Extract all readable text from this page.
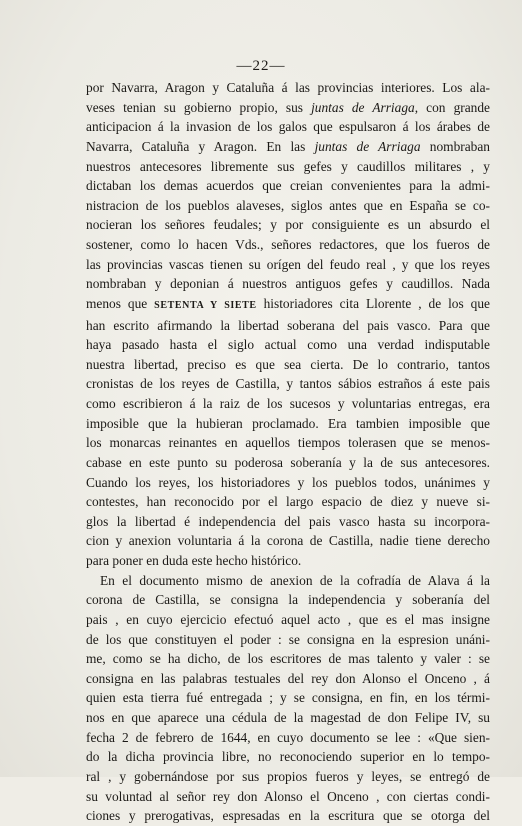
—22—
por Navarra, Aragon y Cataluña á las provincias interiores. Los ala-
veses tenian su gobierno propio, sus juntas de Arriaga, con grande
anticipacion á la invasion de los galos que espulsaron á los árabes de
Navarra, Cataluña y Aragon. En las juntas de Arriaga nombraban
nuestros antecesores libremente sus gefes y caudillos militares , y
dictaban los demas acuerdos que creian convenientes para la admi-
nistracion de los pueblos alaveses, siglos antes que en España se co-
nocieran los señores feudales; y por consiguiente es un absurdo el
sostener, como lo hacen Vds., señores redactores, que los fueros de
las provincias vascas tienen su orígen del feudo real , y que los reyes
nombraban y deponian á nuestros antiguos gefes y caudillos. Nada
menos que SETENTA Y SIETE historiadores cita Llorente , de los que
han escrito afirmando la libertad soberana del pais vasco. Para que
haya pasado hasta el siglo actual como una verdad indisputable
nuestra libertad, preciso es que sea cierta. De lo contrario, tantos
cronistas de los reyes de Castilla, y tantos sábios estraños á este pais
como escribieron á la raiz de los sucesos y voluntarias entregas, era
imposible que la hubieran proclamado. Era tambien imposible que
los monarcas reinantes en aquellos tiempos tolerasen que se menos-
cabase en este punto su poderosa soberanía y la de sus antecesores.
Cuando los reyes, los historiadores y los pueblos todos, unánimes y
contestes, han reconocido por el largo espacio de diez y nueve si-
glos la libertad é independencia del pais vasco hasta su incorpora-
cion y anexion voluntaria á la corona de Castilla, nadie tiene derecho
para poner en duda este hecho histórico.
En el documento mismo de anexion de la cofradía de Alava á la
corona de Castilla, se consigna la independencia y soberanía del
pais , en cuyo ejercicio efectuó aquel acto , que es el mas insigne
de los que constituyen el poder : se consigna en la espresion unáni-
me, como se ha dicho, de los escritores de mas talento y valer : se
consigna en las palabras testuales del rey don Alonso el Onceno , á
quien esta tierra fué entregada ; y se consigna, en fin, en los térmi-
nos en que aparece una cédula de la magestad de don Felipe IV, su
fecha 2 de febrero de 1644, en cuyo documento se lee : «Que sien-
do la dicha provincia libre, no reconociendo superior en lo tempo-
ral , y gobernándose por sus propios fueros y leyes, se entregó de
su voluntad al señor rey don Alonso el Onceno , con ciertas condi-
ciones y prerogativas, espresadas en la escritura que se otorga del
